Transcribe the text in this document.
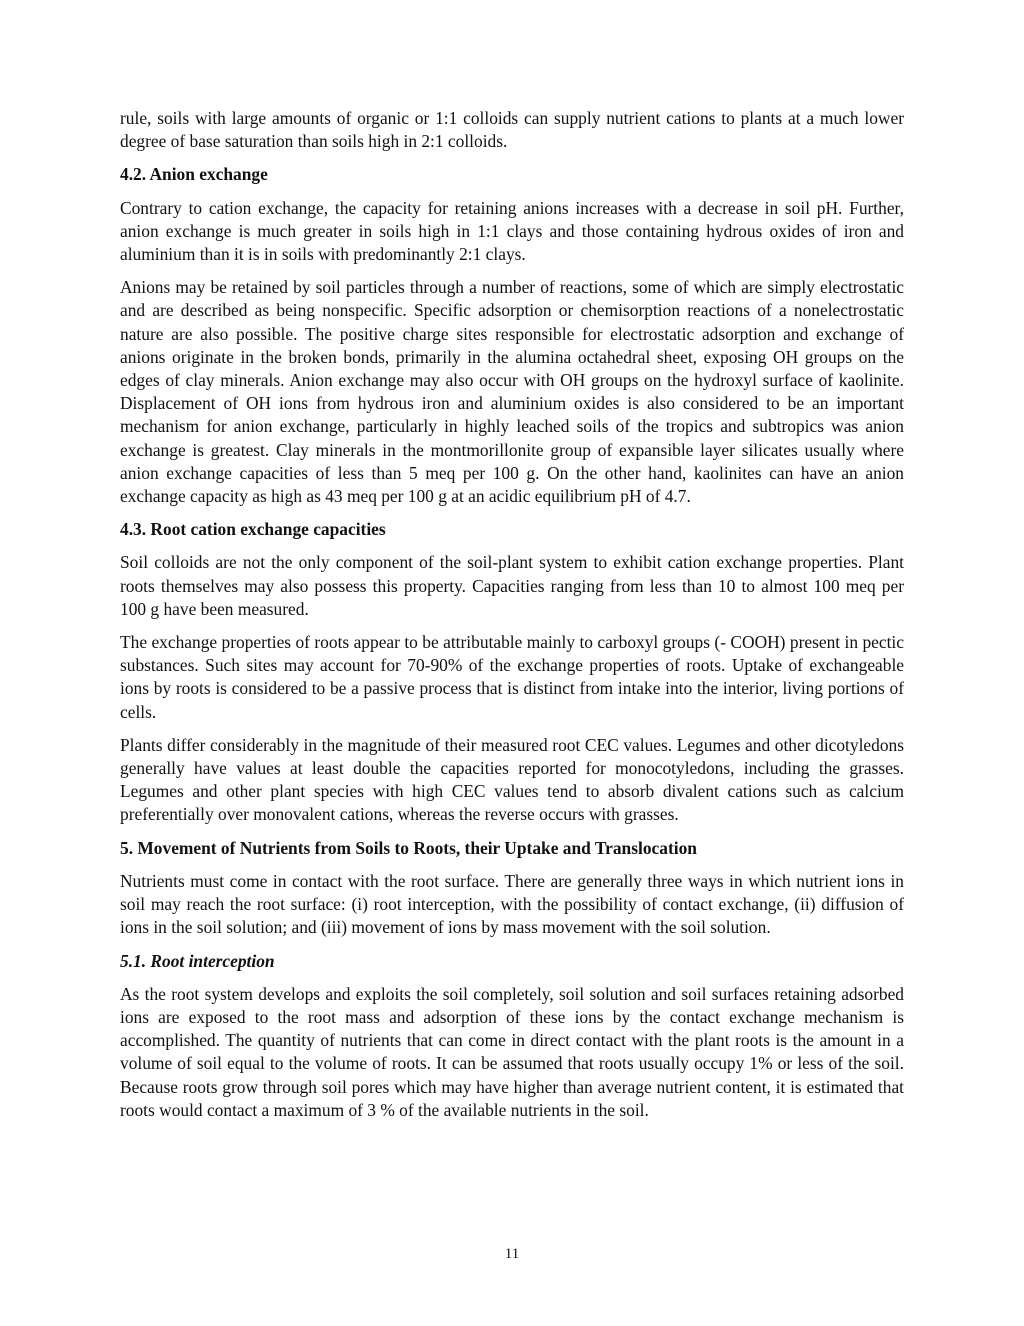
rule, soils with large amounts of organic or 1:1 colloids can supply nutrient cations to plants at a much lower degree of base saturation than soils high in 2:1 colloids.

4.2. Anion exchange

Contrary to cation exchange, the capacity for retaining anions increases with a decrease in soil pH. Further, anion exchange is much greater in soils high in 1:1 clays and those containing hydrous oxides of iron and aluminium than it is in soils with predominantly 2:1 clays.

Anions may be retained by soil particles through a number of reactions, some of which are simply electrostatic and are described as being nonspecific. Specific adsorption or chemisorption reactions of a nonelectrostatic nature are also possible. The positive charge sites responsible for electrostatic adsorption and exchange of anions originate in the broken bonds, primarily in the alumina octahedral sheet, exposing OH groups on the edges of clay minerals. Anion exchange may also occur with OH groups on the hydroxyl surface of kaolinite. Displacement of OH ions from hydrous iron and aluminium oxides is also considered to be an important mechanism for anion exchange, particularly in highly leached soils of the tropics and subtropics was anion exchange is greatest. Clay minerals in the montmorillonite group of expansible layer silicates usually where anion exchange capacities of less than 5 meq per 100 g. On the other hand, kaolinites can have an anion exchange capacity as high as 43 meq per 100 g at an acidic equilibrium pH of 4.7.

4.3. Root cation exchange capacities

Soil colloids are not the only component of the soil-plant system to exhibit cation exchange properties. Plant roots themselves may also possess this property. Capacities ranging from less than 10 to almost 100 meq per 100 g have been measured.

The exchange properties of roots appear to be attributable mainly to carboxyl groups (- COOH) present in pectic substances. Such sites may account for 70-90% of the exchange properties of roots. Uptake of exchangeable ions by roots is considered to be a passive process that is distinct from intake into the interior, living portions of cells.

Plants differ considerably in the magnitude of their measured root CEC values. Legumes and other dicotyledons generally have values at least double the capacities reported for monocotyledons, including the grasses. Legumes and other plant species with high CEC values tend to absorb divalent cations such as calcium preferentially over monovalent cations, whereas the reverse occurs with grasses.

5. Movement of Nutrients from Soils to Roots, their Uptake and Translocation

Nutrients must come in contact with the root surface. There are generally three ways in which nutrient ions in soil may reach the root surface: (i) root interception, with the possibility of contact exchange, (ii) diffusion of ions in the soil solution; and (iii) movement of ions by mass movement with the soil solution.

5.1. Root interception

As the root system develops and exploits the soil completely, soil solution and soil surfaces retaining adsorbed ions are exposed to the root mass and adsorption of these ions by the contact exchange mechanism is accomplished. The quantity of nutrients that can come in direct contact with the plant roots is the amount in a volume of soil equal to the volume of roots. It can be assumed that roots usually occupy 1% or less of the soil. Because roots grow through soil pores which may have higher than average nutrient content, it is estimated that roots would contact a maximum of 3 % of the available nutrients in the soil.

11
